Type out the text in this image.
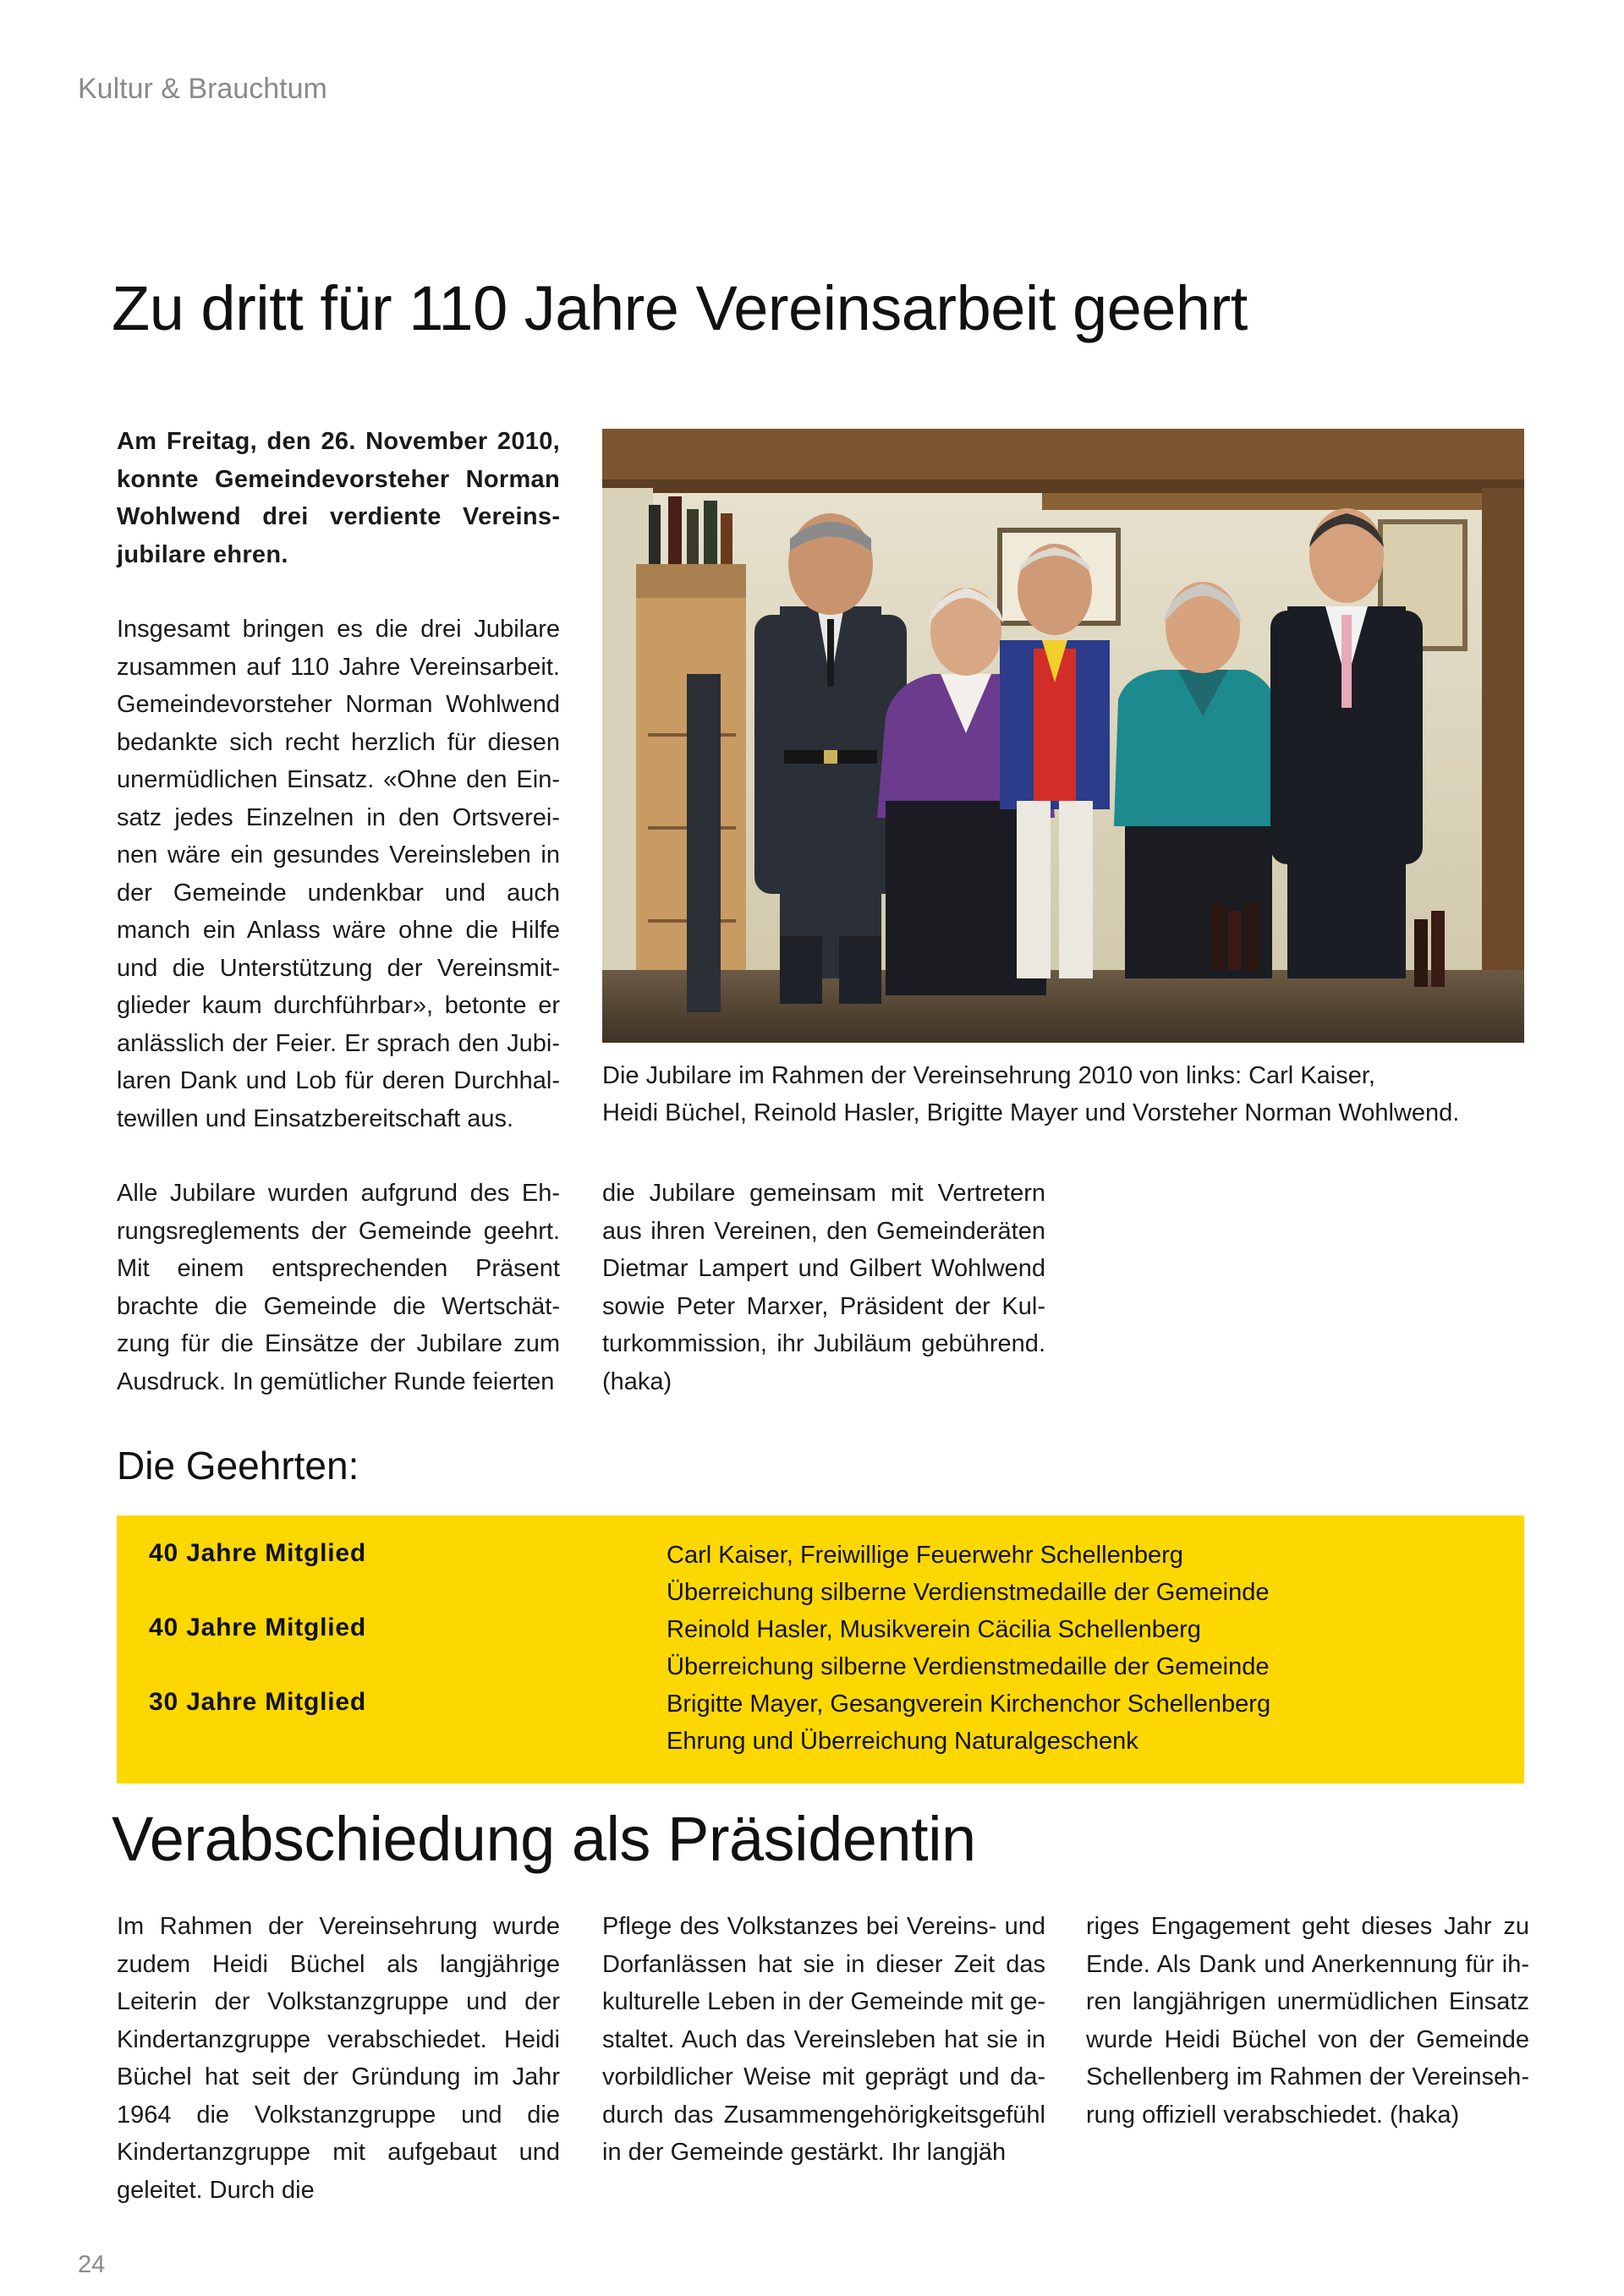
Kultur & Brauchtum
Zu dritt für 110 Jahre Vereinsarbeit geehrt

Am Freitag, den 26. November 2010, konnte Gemeindevorsteher Norman Wohlwend drei verdiente Vereinsjubilare ehren.

Insgesamt bringen es die drei Jubilare zusammen auf 110 Jahre Vereinsarbeit. Gemeindevorsteher Norman Wohlwend bedankte sich recht herzlich für diesen unermüdlichen Einsatz. «Ohne den Einsatz jedes Einzelnen in den Ortsvereinen wäre ein gesundes Vereinsleben in der Gemeinde undenkbar und auch manch ein Anlass wäre ohne die Hilfe und die Unterstützung der Vereinsmitglieder kaum durchführbar», betonte er anlässlich der Feier. Er sprach den Jubilaren Dank und Lob für deren Durchhaltewillen und Einsatzbereitschaft aus.

Alle Jubilare wurden aufgrund des Ehrungsreglements der Gemeinde geehrt. Mit einem entsprechenden Präsent brachte die Gemeinde die Wertschätzung für die Einsätze der Jubilare zum Ausdruck. In gemütlicher Runde feierten

Die Jubilare im Rahmen der Vereinsehrung 2010 von links: Carl Kaiser,
Heidi Büchel, Reinold Hasler, Brigitte Mayer und Vorsteher Norman Wohlwend.

die Jubilare gemeinsam mit Vertretern aus ihren Vereinen, den Gemeinderäten Dietmar Lampert und Gilbert Wohlwend sowie Peter Marxer, Präsident der Kulturkommission, ihr Jubiläum gebührend. (haka)

Die Geehrten:
40 Jahre Mitglied	Carl Kaiser, Freiwillige Feuerwehr Schellenberg
Überreichung silberne Verdienstmedaille der Gemeinde
40 Jahre Mitglied	Reinold Hasler, Musikverein Cäcilia Schellenberg
Überreichung silberne Verdienstmedaille der Gemeinde
30 Jahre Mitglied	Brigitte Mayer, Gesangverein Kirchenchor Schellenberg
Ehrung und Überreichung Naturalgeschenk
Verabschiedung als Präsidentin

Im Rahmen der Vereinsehrung wurde zudem Heidi Büchel als langjährige Leiterin der Volkstanzgruppe und der Kindertanzgruppe verabschiedet. Heidi Büchel hat seit der Gründung im Jahr 1964 die Volkstanzgruppe und die Kindertanzgruppe mit aufgebaut und geleitet. Durch die

Pflege des Volkstanzes bei Vereins- und Dorfanlässen hat sie in dieser Zeit das kulturelle Leben in der Gemeinde mit gestaltet. Auch das Vereinsleben hat sie in vorbildlicher Weise mit geprägt und dadurch das Zusammengehörigkeitsgefühl in der Gemeinde gestärkt. Ihr langjäh

riges Engagement geht dieses Jahr zu Ende. Als Dank und Anerkennung für ihren langjährigen unermüdlichen Einsatz wurde Heidi Büchel von der Gemeinde Schellenberg im Rahmen der Vereinsehrung offiziell verabschiedet. (haka)

24
